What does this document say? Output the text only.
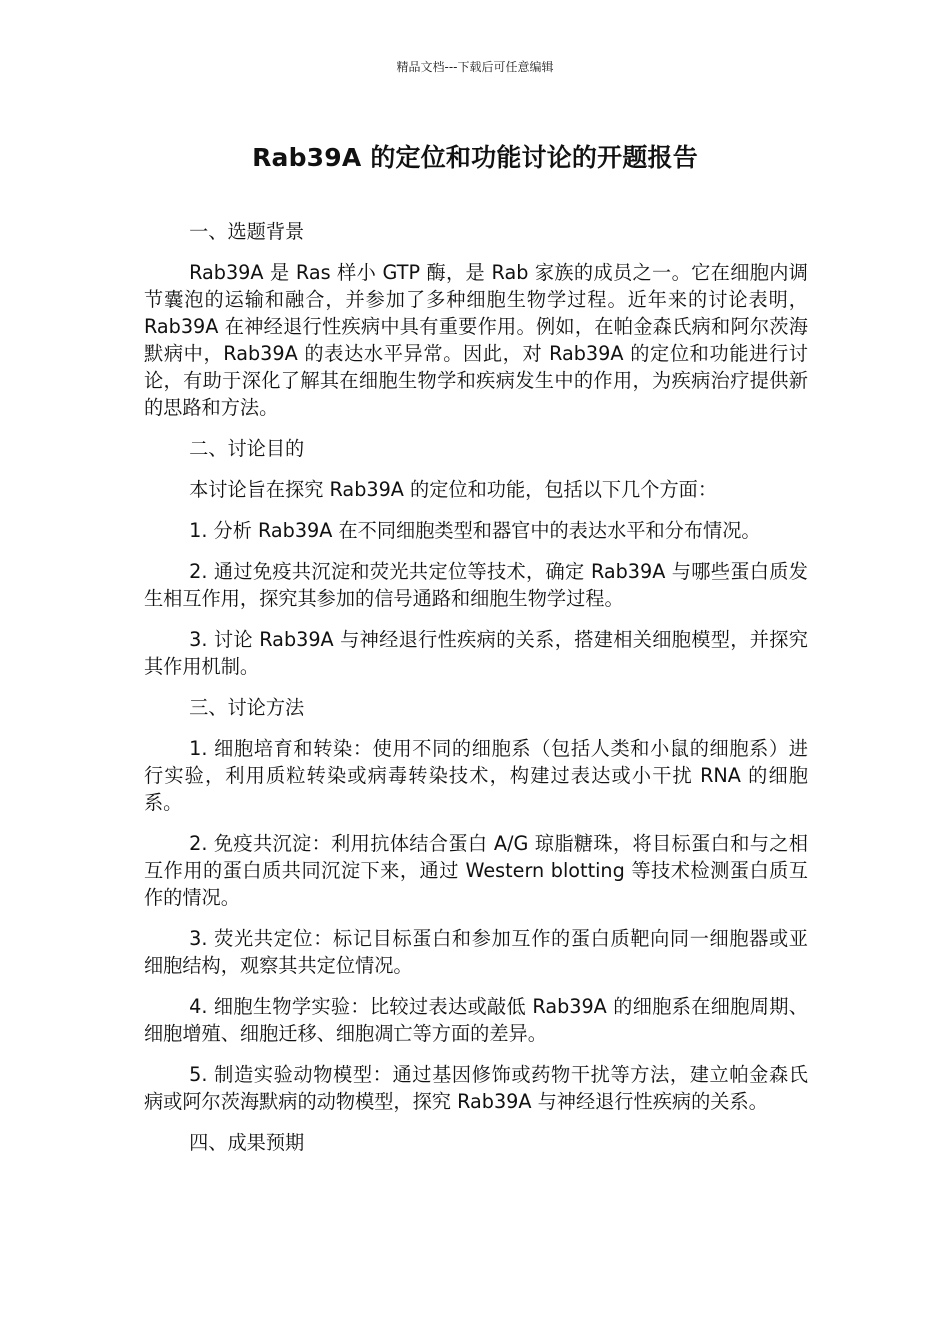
精品文档---下载后可任意编辑
Rab39A 的定位和功能讨论的开题报告

一、选题背景

Rab39A 是 Ras 样小 GTP 酶，是 Rab 家族的成员之一。它在细胞内调节囊泡的运输和融合，并参加了多种细胞生物学过程。近年来的讨论表明，Rab39A 在神经退行性疾病中具有重要作用。例如，在帕金森氏病和阿尔茨海默病中，Rab39A 的表达水平异常。因此，对 Rab39A 的定位和功能进行讨论，有助于深化了解其在细胞生物学和疾病发生中的作用，为疾病治疗提供新的思路和方法。

二、讨论目的

本讨论旨在探究 Rab39A 的定位和功能，包括以下几个方面：

1. 分析 Rab39A 在不同细胞类型和器官中的表达水平和分布情况。

2. 通过免疫共沉淀和荧光共定位等技术，确定 Rab39A 与哪些蛋白质发生相互作用，探究其参加的信号通路和细胞生物学过程。

3. 讨论 Rab39A 与神经退行性疾病的关系，搭建相关细胞模型，并探究其作用机制。

三、讨论方法

1. 细胞培育和转染：使用不同的细胞系（包括人类和小鼠的细胞系）进行实验，利用质粒转染或病毒转染技术，构建过表达或小干扰 RNA 的细胞系。

2. 免疫共沉淀：利用抗体结合蛋白 A/G 琼脂糖珠，将目标蛋白和与之相互作用的蛋白质共同沉淀下来，通过 Western blotting 等技术检测蛋白质互作的情况。

3. 荧光共定位：标记目标蛋白和参加互作的蛋白质靶向同一细胞器或亚细胞结构，观察其共定位情况。

4. 细胞生物学实验：比较过表达或敲低 Rab39A 的细胞系在细胞周期、细胞增殖、细胞迁移、细胞凋亡等方面的差异。

5. 制造实验动物模型：通过基因修饰或药物干扰等方法，建立帕金森氏病或阿尔茨海默病的动物模型，探究 Rab39A 与神经退行性疾病的关系。

四、成果预期
